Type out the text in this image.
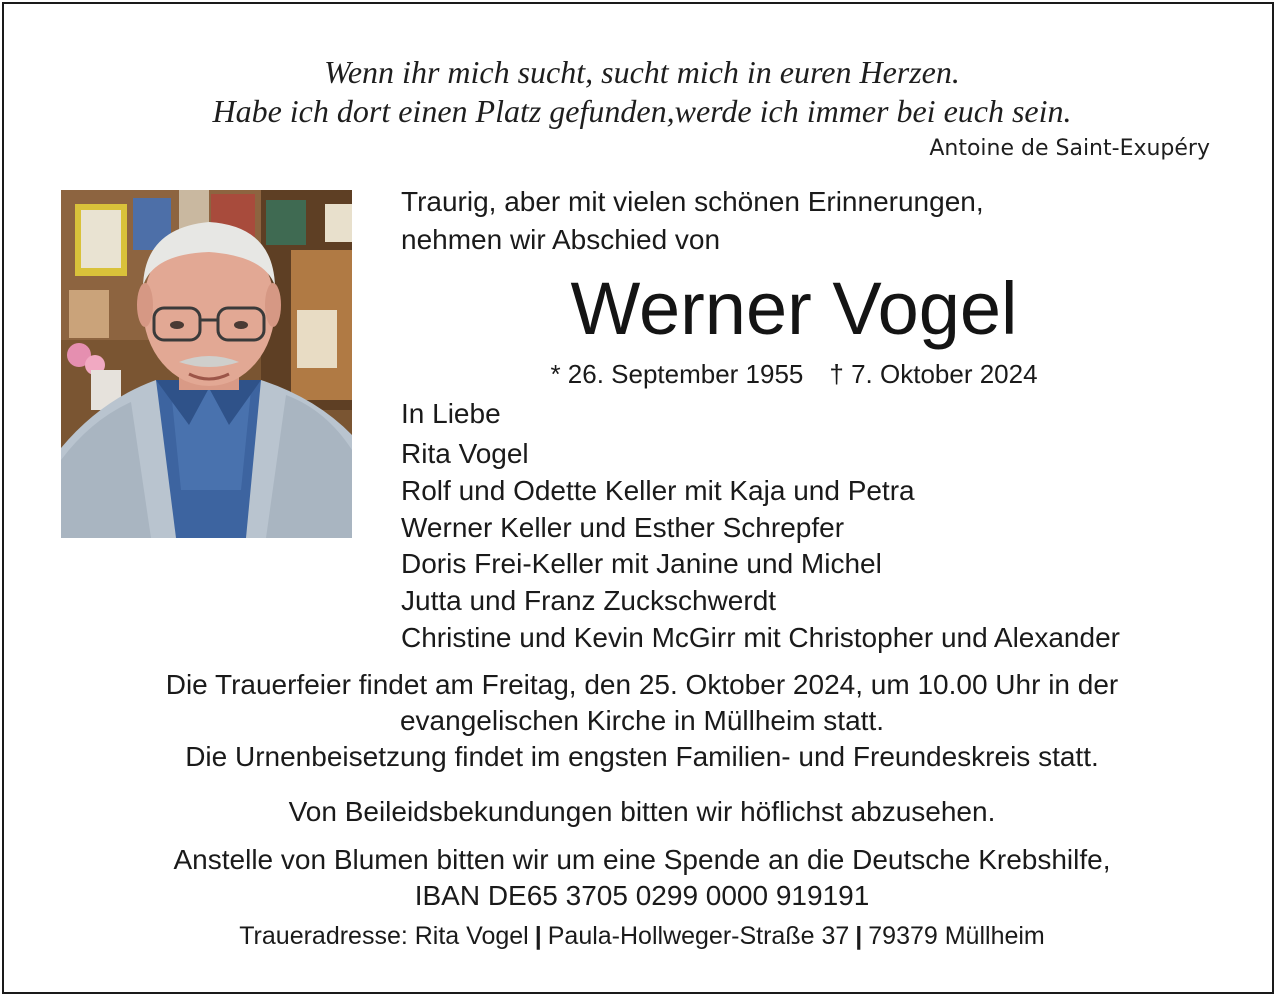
Wenn ihr mich sucht, sucht mich in euren Herzen.
Habe ich dort einen Platz gefunden,werde ich immer bei euch sein.
Antoine de Saint-Exupéry
Traurig, aber mit vielen schönen Erinnerungen,
nehmen wir Abschied von
Werner Vogel
* 26. September 1955 † 7. Oktober 2024
In Liebe
Rita Vogel
Rolf und Odette Keller mit Kaja und Petra
Werner Keller und Esther Schrepfer
Doris Frei-Keller mit Janine und Michel
Jutta und Franz Zuckschwerdt
Christine und Kevin McGirr mit Christopher und Alexander
Die Trauerfeier findet am Freitag, den 25. Oktober 2024, um 10.00 Uhr in der
evangelischen Kirche in Müllheim statt.
Die Urnenbeisetzung findet im engsten Familien- und Freundeskreis statt.
Von Beileidsbekundungen bitten wir höflichst abzusehen.
Anstelle von Blumen bitten wir um eine Spende an die Deutsche Krebshilfe,
IBAN DE65 3705 0299 0000 919191
Traueradresse: Rita Vogel | Paula-Hollweger-Straße 37 | 79379 Müllheim
